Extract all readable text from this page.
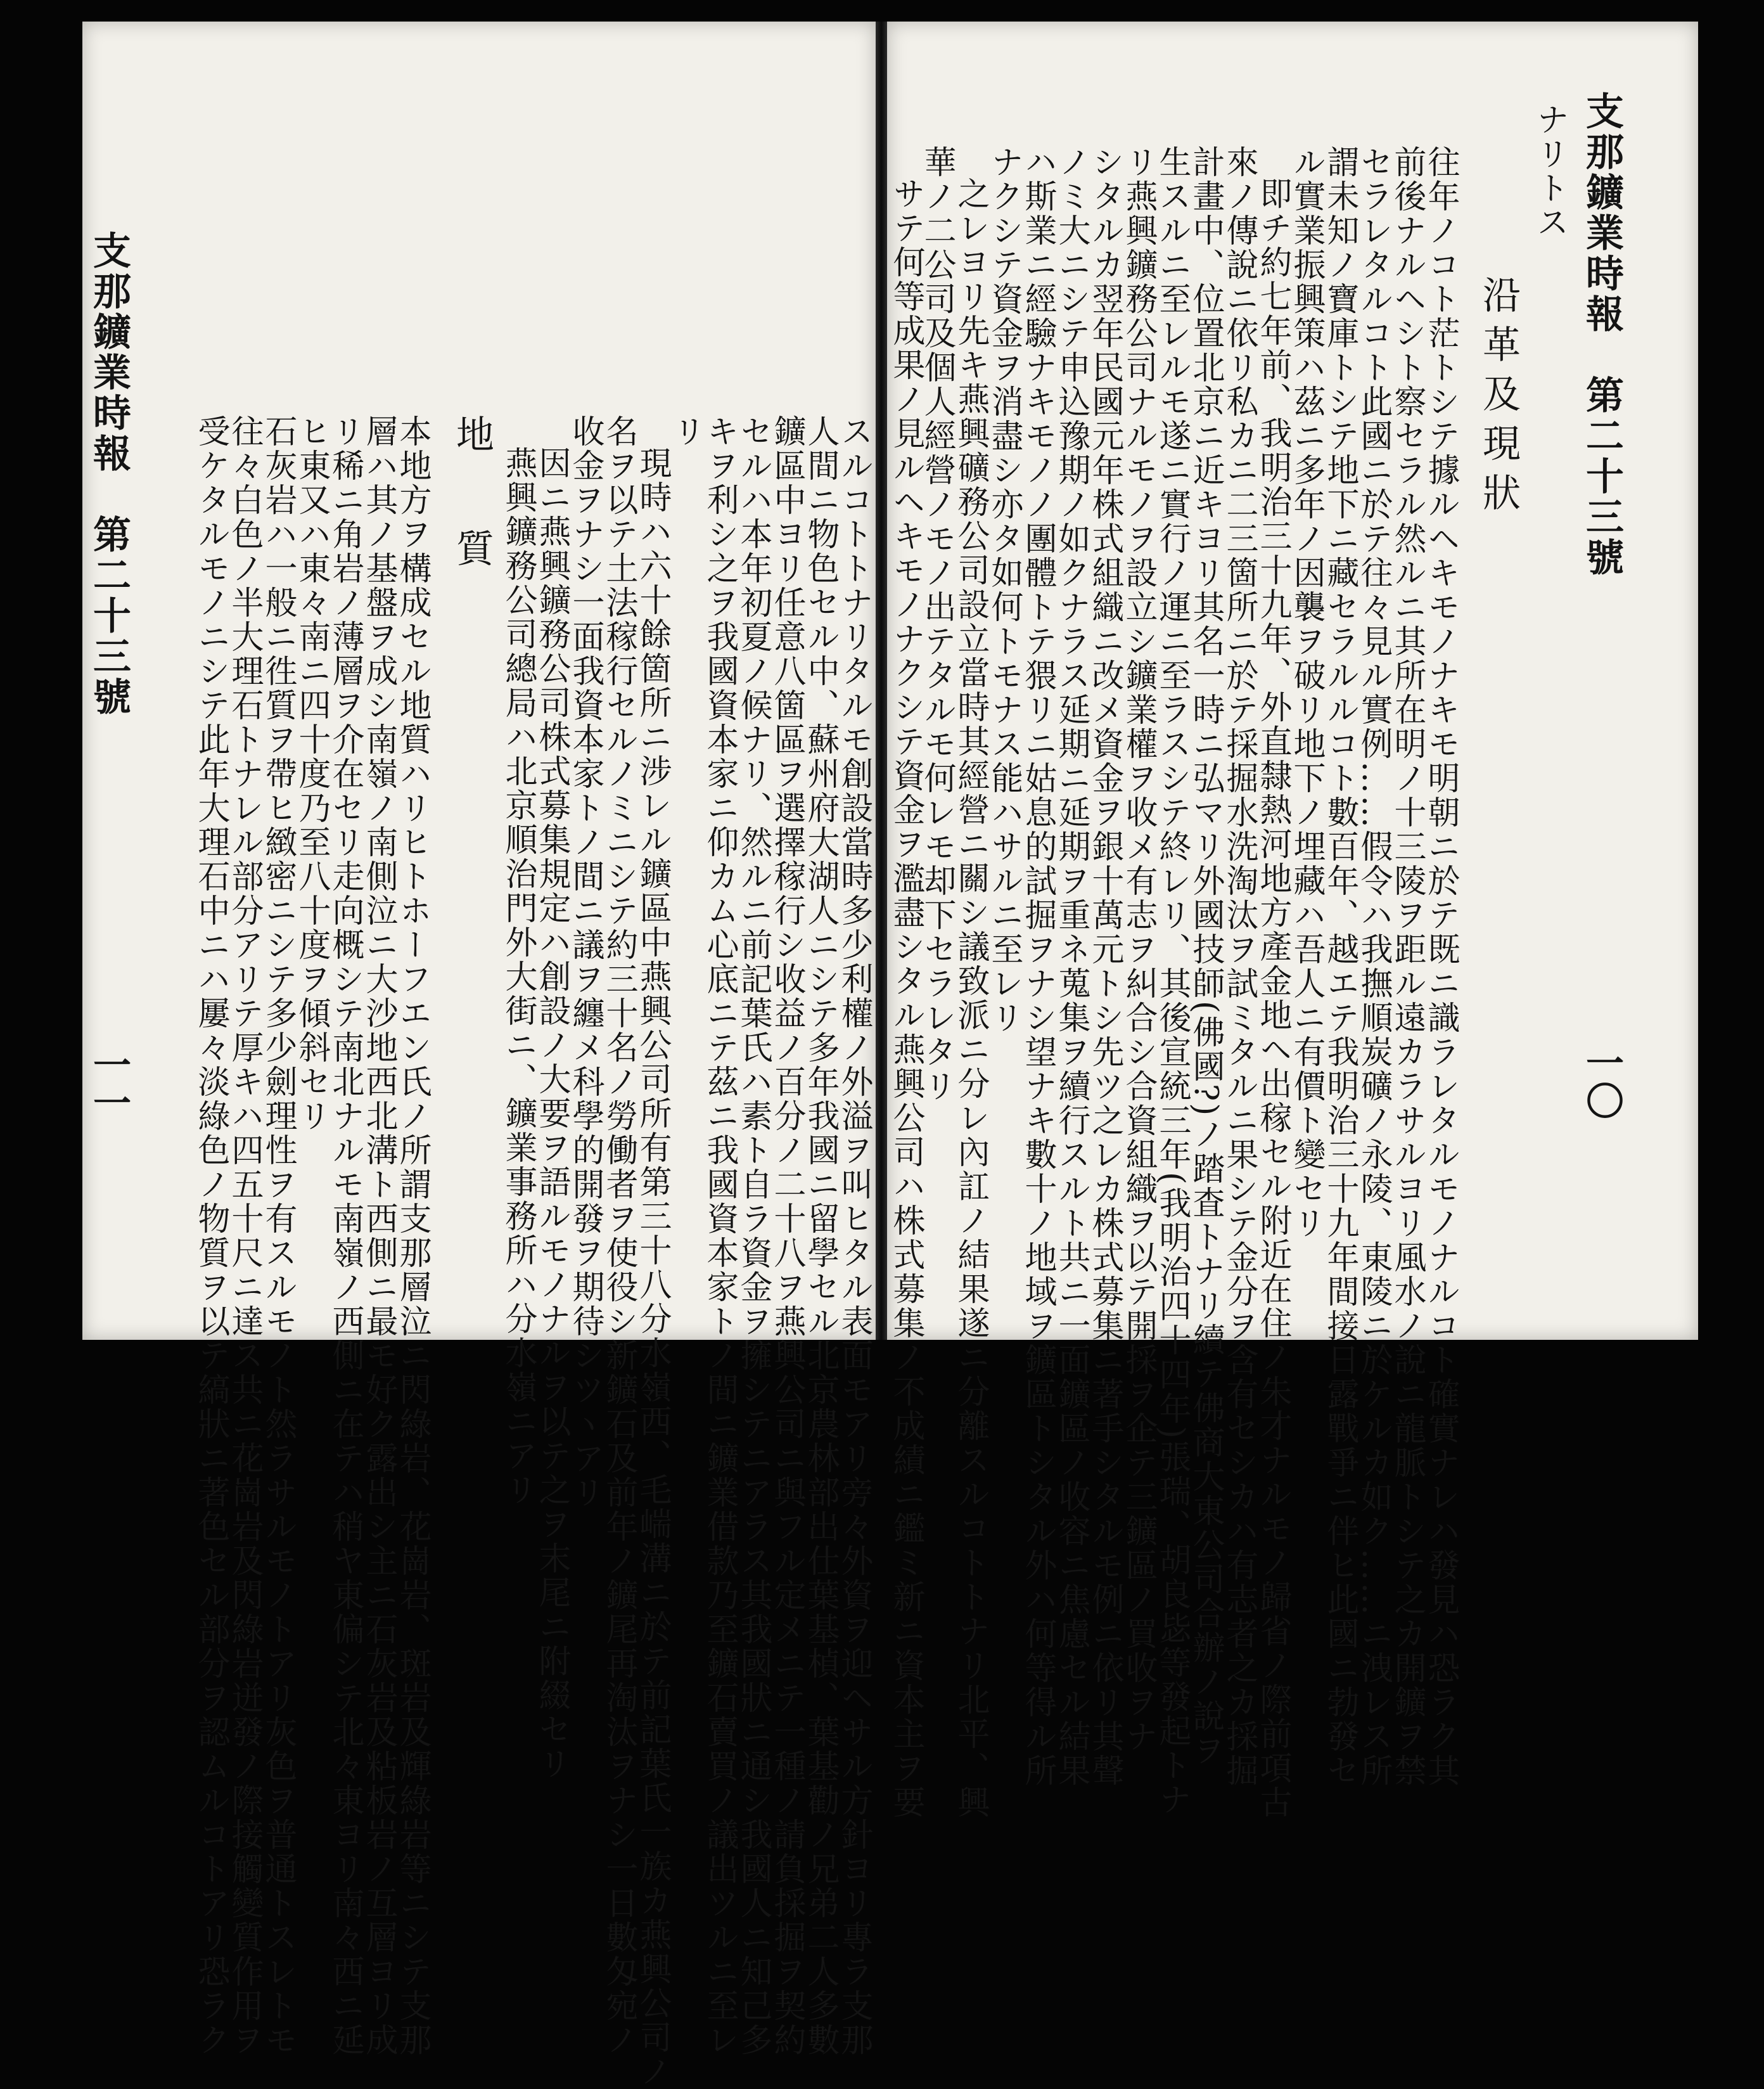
支那鑛業時報　第二十三號
一〇
ナリトス
沿革及現狀
往年ノコト茫トシテ據ルヘキモノナキモ明朝ニ於テ既ニ識ラレタルモノナルコト確實ナレハ發見ハ恐ラク其
前後ナルヘシト察セラル然ルニ其所在明ノ十三陵ヲ距ル遠カラサルヨリ風水ノ說ニ龍脈トシテ之カ開鑛ヲ禁
セラレタルコト此國ニ於テ往々見ル實例……假令ハ我撫順炭礦ノ永陵、東陵ニ於ケルカ如ク……ニ洩レス所
謂未知ノ寶庫トシテ地下ニ藏セラルルコト數百年、越エテ我明治三十九年間接日露戰爭ニ伴ヒ此國ニ勃發セ
ル實業振興策ハ茲ニ多年ノ因襲ヲ破リ地下ノ埋藏ハ吾人ニ有價ト變セリ
即チ約七年前、我明治三十九年、外直隸熱河地方產金地ヘ出稼セル附近在住ノ朱才ナルモノ歸省ノ際前項古
來ノ傳說ニ依リ私カニ二三箇所ニ於テ採掘水洗淘汰ヲ試ミタルニ果シテ金分ヲ含有セシカハ有志者之カ採掘
計畫中、位置北京ニ近キヨリ其名一時ニ弘マリ外國技師(佛國?)ノ踏査トナリ續テ佛商大東公司合辦ノ說ヲ
生スルニ至レルモ遂ニ實行ノ運ニ至ラスシテ終レリ、其後宣統三年(我明治四十四年)張瑞、胡良毖等發起トナ
リ燕興鑛務公司ナルモノヲ設立シ鑛業權ヲ收メ有志ヲ糾合シ合資組織ヲ以テ開採ヲ企テ三鑛區ノ買收ヲナ
シタルカ翌年民國元年株式組織ニ改メ資金ヲ銀十萬元トシ先ツ之レカ株式募集ニ著手シタルモ例ニ依リ其聲
ノミ大ニシテ申込豫期ノ如クナラス延期ニ延期ヲ重ネ蒐集ヲ續行スルト共ニ一面鑛區ノ收容ニ焦慮セル結果
ハ斯業ニ經驗ナキモノノ團體トテ猥リニ姑息的試掘ヲナシ望ナキ數十ノ地域ヲ鑛區トシタル外ハ何等得ル所
ナクシテ資金ヲ消盡シ亦タ如何トモナス能ハサルニ至レリ
之レヨリ先キ燕興礦務公司設立當時其經營ニ關シ議致派ニ分レ內訌ノ結果遂ニ分離スルコトトナリ北平、興
華ノ二公司及個人經營ノモノ出テタルモ何レモ却下セラレタリ
サテ何等成果ノ見ルヘキモノナクシテ資金ヲ濫盡シタル燕興公司ハ株式募集ノ不成績ニ鑑ミ新ニ資本主ヲ要
スルコトトナリタルモ創設當時多少利權ノ外溢ヲ叫ヒタル表面モアリ旁々外資ヲ迎ヘサル方針ヨリ專ラ支那
人間ニ物色セル中、蘇州府大湖人ニシテ多年我國ニ留學セル北京農林部出仕葉基楨、葉基勸ノ兄弟二人多數
鑛區中ヨリ任意八箇區ヲ選擇稼行シ收益ノ百分ノ二十八ヲ燕興公司ニ與フル定メニテ一種ノ請負採掘ヲ契約
セルハ本年初夏ノ候ナリ、然ルニ前記葉氏ハ素ト自ラ資金ヲ擁シテニアラス其我國狀ニ通シ我國人ニ知己多
キヲ利シ之ヲ我國資本家ニ仰カム心底ニテ茲ニ我國資本家トノ間ニ鑛業借款乃至鑛石賣買ノ議出ツルニ至レ
リ
現時ハ六十餘箇所ニ涉レル鑛區中燕興公司所有第三十八分水嶺西、毛㟨溝ニ於テ前記葉氏一族カ燕興公司ノ
名ヲ以テ土法稼行セルノミニシテ約三十名ノ勞働者ヲ使役シ新鑛石及前年ノ鑛尾再淘汰ヲナシ一日數匁宛ノ
收金ヲナシ一面我資本家トノ間ニ議ヲ纏メ科學的開發ヲ期待シツヽアリ
因ニ燕興鑛務公司株式募集規定ハ創設ノ大要ヲ語ルモノナルヲ以テ之ヲ末尾ニ附綴セリ
燕興鑛務公司總局ハ北京順治門外大街ニ、鑛業事務所ハ分水嶺ニアリ
地質
本地方ヲ構成セル地質ハリヒトホーフエン氏ノ所謂支那層泣ニ閃綠岩、花崗岩、斑岩及輝綠岩等ニシテ支那
層ハ其ノ基盤ヲ成シ南嶺ノ南側泣ニ大沙地西北溝ト西側ニ最モ好ク露出シ主ニ石灰岩及粘板岩ノ互層ヨリ成
リ稀ニ角岩ノ薄層ヲ介在セリ走向概シテ南北ナルモ南嶺ノ西側ニ在テハ稍ヤ東偏シテ北々東ヨリ南々西ニ延
ヒ東又ハ東々南ニ四十度乃至八十度ヲ傾斜セリ
石灰岩ハ一般ニ徃質ヲ帶ヒ緻密ニシテ多少劍理性ヲ有スルモノト然ラサルモノトアリ灰色ヲ普通トスレトモ
往々白色ノ半大理石トナレル部分アリテ厚キハ四五十尺ニ達ス共ニ花崗岩及閃綠岩迸發ノ際接觸變質作用ヲ
受ケタルモノニシテ此年大理石中ニハ屢々淡綠色ノ物質ヲ以テ縞狀ニ著色セル部分ヲ認ムルコトアリ恐ラク
支那鑛業時報　第二十三號
一一
